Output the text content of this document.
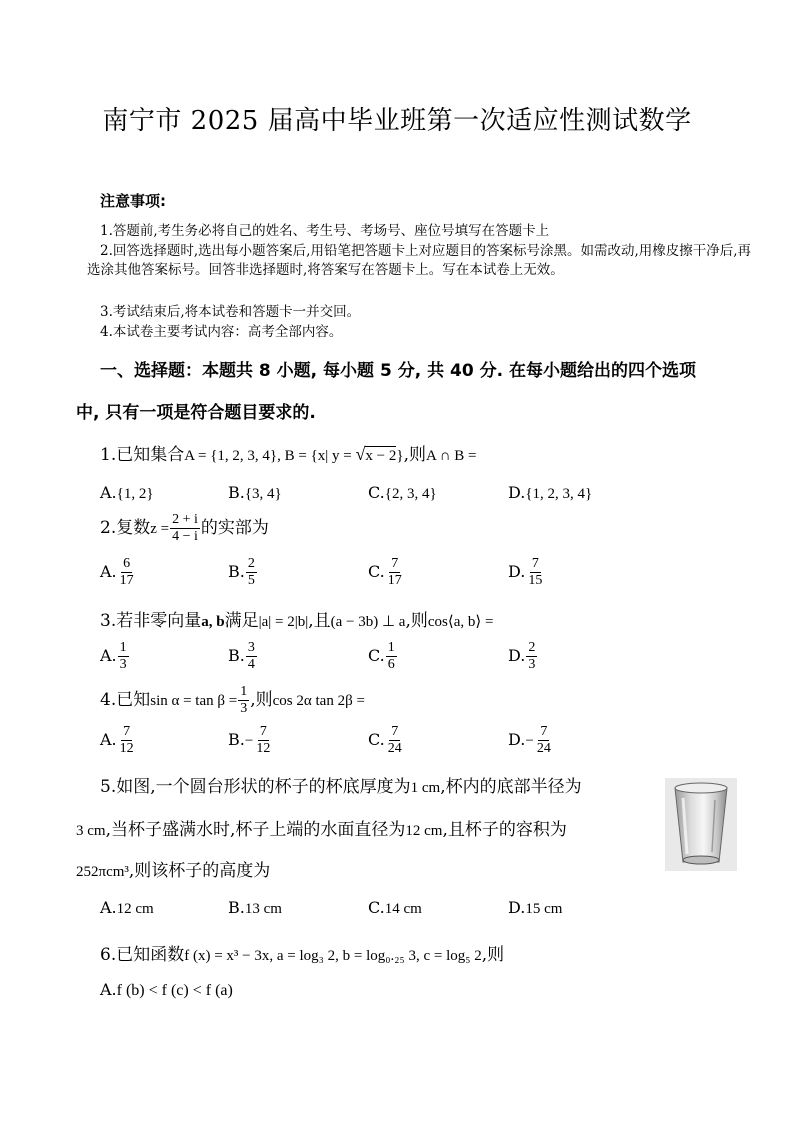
南宁市 2025 届高中毕业班第一次适应性测试数学
注意事项:
1.答题前,考生务必将自己的姓名、考生号、考场号、座位号填写在答题卡上
2.回答选择题时,选出每小题答案后,用铅笔把答题卡上对应题目的答案标号涂黑。如需改动,用橡皮擦干净后,再选涂其他答案标号。回答非选择题时,将答案写在答题卡上。写在本试卷上无效。
3.考试结束后,将本试卷和答题卡一并交回。
4.本试卷主要考试内容：高考全部内容。
一、选择题：本题共 8 小题, 每小题 5 分, 共 40 分. 在每小题给出的四个选项
中, 只有一项是符合题目要求的.
1.已知集合A = {1, 2, 3, 4}, B = {x| y = √x − 2},则A ∩ B =
A.{1, 2}	B.{3, 4}	C.{2, 3, 4}	D.{1, 2, 3, 4}
2.复数$z = \frac{2 + i}{4 - i}$ 的实部为
A. $\frac{6}{17}$	B. $\frac{2}{5}$	C. $\frac{7}{17}$	D. $\frac{7}{15}$
3.若非零向量a, b满足|a| = 2|b|,且(a − 3b) ⊥ a,则cos⟨a, b⟩ =
A. $\frac{1}{3}$	B. $\frac{3}{4}$	C. $\frac{1}{6}$	D. $\frac{2}{3}$
4.已知$\sin \alpha = \tan \beta = \frac{1}{3}$ ,则cos 2α tan 2β =
A. $\frac{7}{12}$	$B.- \frac{7}{12}$	C. $\frac{7}{24}$	$D.- \frac{7}{24}$
5.如图,一个圆台形状的杯子的杯底厚度为1 cm,杯内的底部半径为
3 cm,当杯子盛满水时,杯子上端的水面直径为12 cm,且杯子的容积为
252πcm³,则该杯子的高度为
A.12 cm	B.13 cm	C.14 cm	D.15 cm
6.已知函数f (x) = x³ − 3x, a = log₃ 2, b = log₀.₂₅ 3, c = log₅ 2,则
A.f (b) < f (c) < f (a)
